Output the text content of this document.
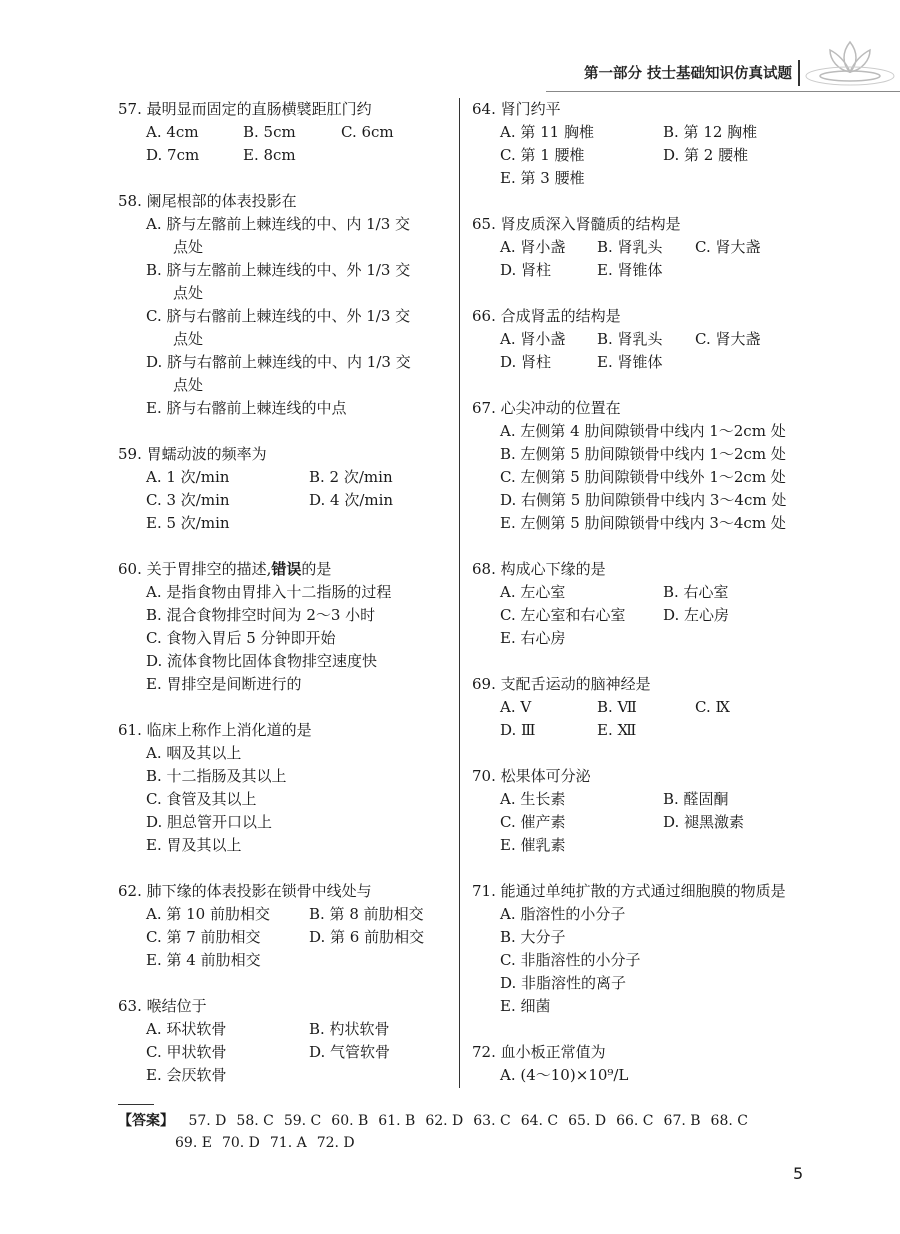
第一部分 技士基础知识仿真试题
57. 最明显而固定的直肠横襞距肛门约
A. 4cm	B. 5cm	C. 6cm
D. 7cm	E. 8cm
58. 阑尾根部的体表投影在
A. 脐与左髂前上棘连线的中、内 1/3 交
点处
B. 脐与左髂前上棘连线的中、外 1/3 交
点处
C. 脐与右髂前上棘连线的中、外 1/3 交
点处
D. 脐与右髂前上棘连线的中、内 1/3 交
点处
E. 脐与右髂前上棘连线的中点
59. 胃蠕动波的频率为
A. 1 次/min	B. 2 次/min
C. 3 次/min	D. 4 次/min
E. 5 次/min
60. 关于胃排空的描述,错误的是
A. 是指食物由胃排入十二指肠的过程
B. 混合食物排空时间为 2～3 小时
C. 食物入胃后 5 分钟即开始
D. 流体食物比固体食物排空速度快
E. 胃排空是间断进行的
61. 临床上称作上消化道的是
A. 咽及其以上
B. 十二指肠及其以上
C. 食管及其以上
D. 胆总管开口以上
E. 胃及其以上
62. 肺下缘的体表投影在锁骨中线处与
A. 第 10 前肋相交	B. 第 8 前肋相交
C. 第 7 前肋相交	D. 第 6 前肋相交
E. 第 4 前肋相交
63. 喉结位于
A. 环状软骨	B. 杓状软骨
C. 甲状软骨	D. 气管软骨
E. 会厌软骨
64. 肾门约平
A. 第 11 胸椎	B. 第 12 胸椎
C. 第 1 腰椎	D. 第 2 腰椎
E. 第 3 腰椎
65. 肾皮质深入肾髓质的结构是
A. 肾小盏 B. 肾乳头 C. 肾大盏
D. 肾柱	E. 肾锥体
66. 合成肾盂的结构是
A. 肾小盏 B. 肾乳头 C. 肾大盏
D. 肾柱	E. 肾锥体
67. 心尖冲动的位置在
A. 左侧第 4 肋间隙锁骨中线内 1～2cm 处
B. 左侧第 5 肋间隙锁骨中线内 1～2cm 处
C. 左侧第 5 肋间隙锁骨中线外 1～2cm 处
D. 右侧第 5 肋间隙锁骨中线内 3～4cm 处
E. 左侧第 5 肋间隙锁骨中线内 3～4cm 处
68. 构成心下缘的是
A. 左心室	B. 右心室
C. 左心室和右心室	D. 左心房
E. 右心房
69. 支配舌运动的脑神经是
A. Ⅴ	B. Ⅶ	C. Ⅸ
D. Ⅲ	E. Ⅻ
70. 松果体可分泌
A. 生长素	B. 醛固酮
C. 催产素	D. 褪黑激素
E. 催乳素
71. 能通过单纯扩散的方式通过细胞膜的物质是
A. 脂溶性的小分子
B. 大分子
C. 非脂溶性的小分子
D. 非脂溶性的离子
E. 细菌
72. 血小板正常值为
A. (4～10)×10⁹/L
【答案】 57. D 58. C 59. C 60. B 61. B 62. D 63. C 64. C 65. D 66. C 67. B 68. C
69. E 70. D 71. A 72. D
5
